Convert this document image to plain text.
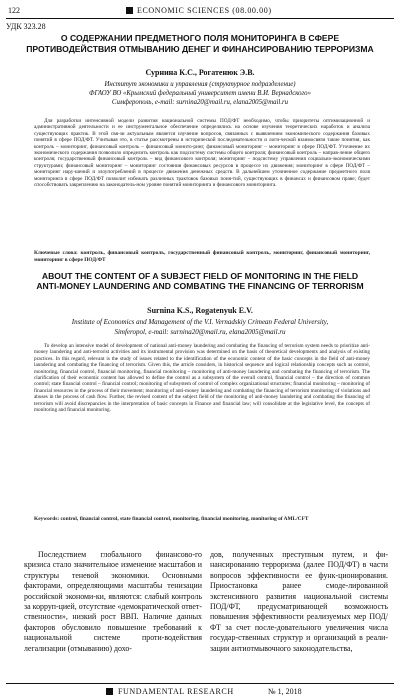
122	ECONOMIC SCIENCES (08.00.00)
УДК 323.28
О СОДЕРЖАНИИ ПРЕДМЕТНОГО ПОЛЯ МОНИТОРИНГА В СФЕРЕ ПРОТИВОДЕЙСТВИЯ ОТМЫВАНИЮ ДЕНЕГ И ФИНАНСИРОВАНИЮ ТЕРРОРИЗМА
Сурнина К.С., Рогатенюк Э.В.
Институт экономики и управления (структурное подразделение)
ФГАОУ ВО «Крымский федеральный университет имени В.И. Вернадского»
Симферополь, e-mail: surnina20@mail.ru, elana2005@mail.ru
Для разработки интенсивной модели развития национальной системы ПОД/ФТ необходимо, чтобы приоритеты оптимизационной и административной деятельности и ее инструментальное обеспечение определялись на основе изучения теоретических наработок и анализа существующих практик. В этой свя-зи актуальным является изучение вопросов, связанных с выявлением экономического содержания базовых понятий в сфере ПОД/ФТ. Учитывая это, в статье рассмотрены в исторической последовательности и логи-ческой взаимосвязи такие понятия, как контроль – мониторинг, финансовый контроль – финансовый монито-ринг, финансовый мониторинг – мониторинг в сфере ПОД/ФТ. Уточнение их экономического содержания позволило определить контроль как подсистему системы общего контроля; финансовый контроль – направ-ление общего контроля; государственный финансовый контроль – вид финансового контроля; мониторинг – подсистему управления социально-экономическими структурами; финансовый мониторинг – мониторинг состояния финансовых ресурсов в процессе их движения; мониторинг в сфере ПОД/ФТ – мониторинг нару-шений и злоупотреблений в процессе движения денежных средств. В дальнейшем уточненное содержание предметного поля мониторинга в сфере ПОД/ФТ позволит избежать различных трактовок базовых поня-тий, существующих в финансах и финансовом праве; будет способствовать закреплению на законодатель-ном уровне понятий мониторинга и финансового мониторинга.
Ключевые слова: контроль, финансовый контроль, государственный финансовый контроль, мониторинг, финансовый мониторинг, мониторинг в сфере ПОД/ФТ
ABOUT THE CONTENT OF A SUBJECT FIELD OF MONITORING IN THE FIELD ANTI-MONEY LAUNDERING AND COMBATING THE FINANCING OF TERRORISM
Surnina K.S., Rogatenyuk E.V.
Institute of Economics and Management of the V.I. Vernadskiy Crimean Federal University,
Simferopol, e-mail: surnina20@mail.ru, elana2005@mail.ru
To develop an intensive model of development of national anti-money laundering and combating the financing of terrorism system needs to prioritize anti-money laundering and anti-terrorist activities and its instrumental provision was determined on the basis of theoretical developments and analysis of existing practices. In this regard, relevant is the study of issues related to the identification of the economic content of the basic concepts in the field of anti-money laundering and combating the financing of terrorism. Given this, the article considers, in historical sequence and logical relationship concepts such as control, monitoring, financial control, financial monitoring, financial monitoring – monitoring of anti-money laundering and combating the financing of terrorism. The clarification of their economic content has allowed to define the control as a subsystem of the overall control, financial control – the direction of common control; state financial control – financial control; monitoring of subsystem of control of complex organizational structures; financial monitoring – monitoring of financial resources in the process of their movement; monitoring of anti-money laundering and combating the financing of terrorism monitoring of violations and abuses in the process of cash flow. Further, the revised content of the subject field of the monitoring of anti-money laundering and combating the financing of terrorism will avoid discrepancies in the interpretation of basic concepts in Finance and financial law; will consolidate at the legislative level, the concepts of monitoring and financial monitoring.
Keywords: control, financial control, state financial control, monitoring, financial monitoring, monitoring of AML/CFT
Последствием глобального финансово-го кризиса стало значительное изменение масштабов и структуры теневой экономики. Основными факторами, определяющими масштабы тенизации российской экономи-ки, являются: слабый контроль за корруп-цией, отсутствие «демократической ответ-ственности», низкий рост ВВП. Наличие данных факторов обусловило повышение требований к национальной системе проти-водействия легализации (отмыванию) дохо-
дов, полученных преступным путем, и фи-нансированию терроризма (далее ПОД/ФТ) в части вопросов эффективности ее функ-ционирования. Приостановка ранее смоде-лированной экстенсивного развития национальной системы ПОД/ФТ, предусматривающей возможность повышения эффективности реализуемых мер ПОД/ФТ за счет после-довательного увеличения числа государ-ственных структур и организаций в реали-зации антиотмывочного законодательства,
FUNDAMENTAL RESEARCH	№ 1, 2018
